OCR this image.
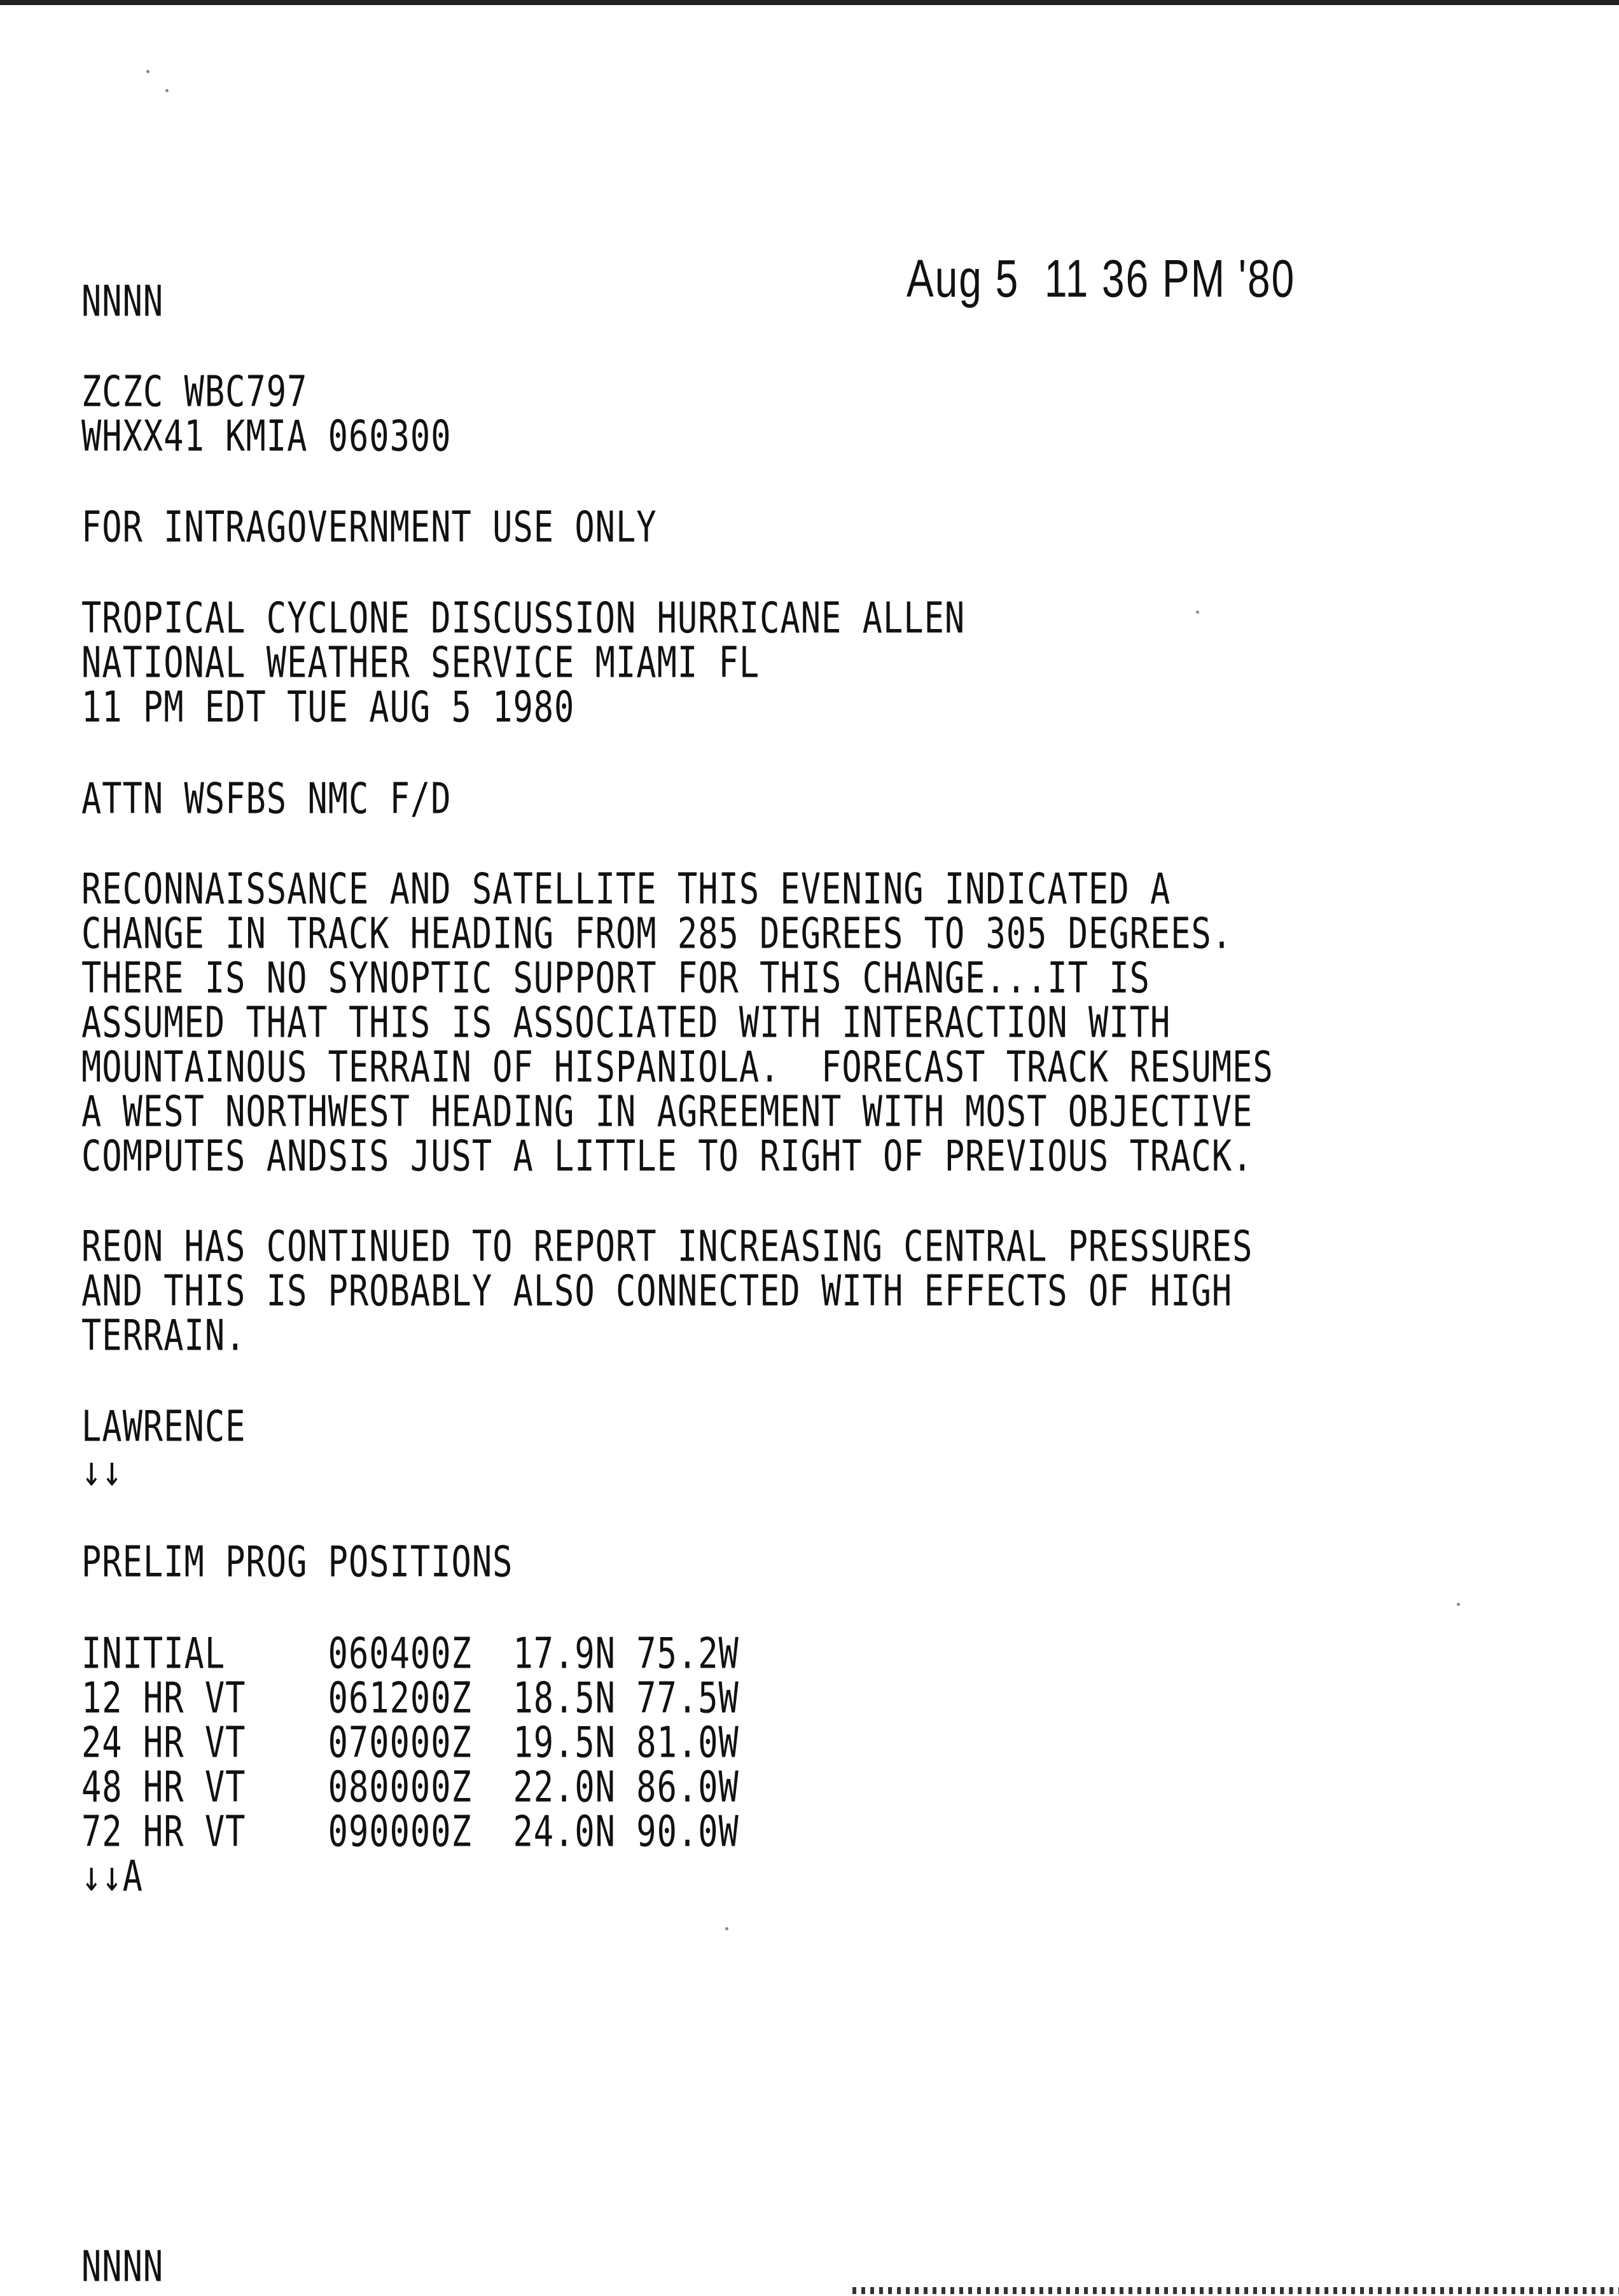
Aug 5  11 36 PM '80
NNNN
ZCZC WBC797
WHXX41 KMIA 060300
FOR INTRAGOVERNMENT USE ONLY
TROPICAL CYCLONE DISCUSSION HURRICANE ALLEN
NATIONAL WEATHER SERVICE MIAMI FL
11 PM EDT TUE AUG 5 1980
ATTN WSFBS NMC F/D
RECONNAISSANCE AND SATELLITE THIS EVENING INDICATED A
CHANGE IN TRACK HEADING FROM 285 DEGREES TO 305 DEGREES.
THERE IS NO SYNOPTIC SUPPORT FOR THIS CHANGE...IT IS
ASSUMED THAT THIS IS ASSOCIATED WITH INTERACTION WITH
MOUNTAINOUS TERRAIN OF HISPANIOLA.  FORECAST TRACK RESUMES
A WEST NORTHWEST HEADING IN AGREEMENT WITH MOST OBJECTIVE
COMPUTES ANDSIS JUST A LITTLE TO RIGHT OF PREVIOUS TRACK.
REON HAS CONTINUED TO REPORT INCREASING CENTRAL PRESSURES
AND THIS IS PROBABLY ALSO CONNECTED WITH EFFECTS OF HIGH
TERRAIN.
LAWRENCE
↓↓
PRELIM PROG POSITIONS
INITIAL     060400Z  17.9N 75.2W
12 HR VT    061200Z  18.5N 77.5W
24 HR VT    070000Z  19.5N 81.0W
48 HR VT    080000Z  22.0N 86.0W
72 HR VT    090000Z  24.0N 90.0W
↓↓A
NNNN
